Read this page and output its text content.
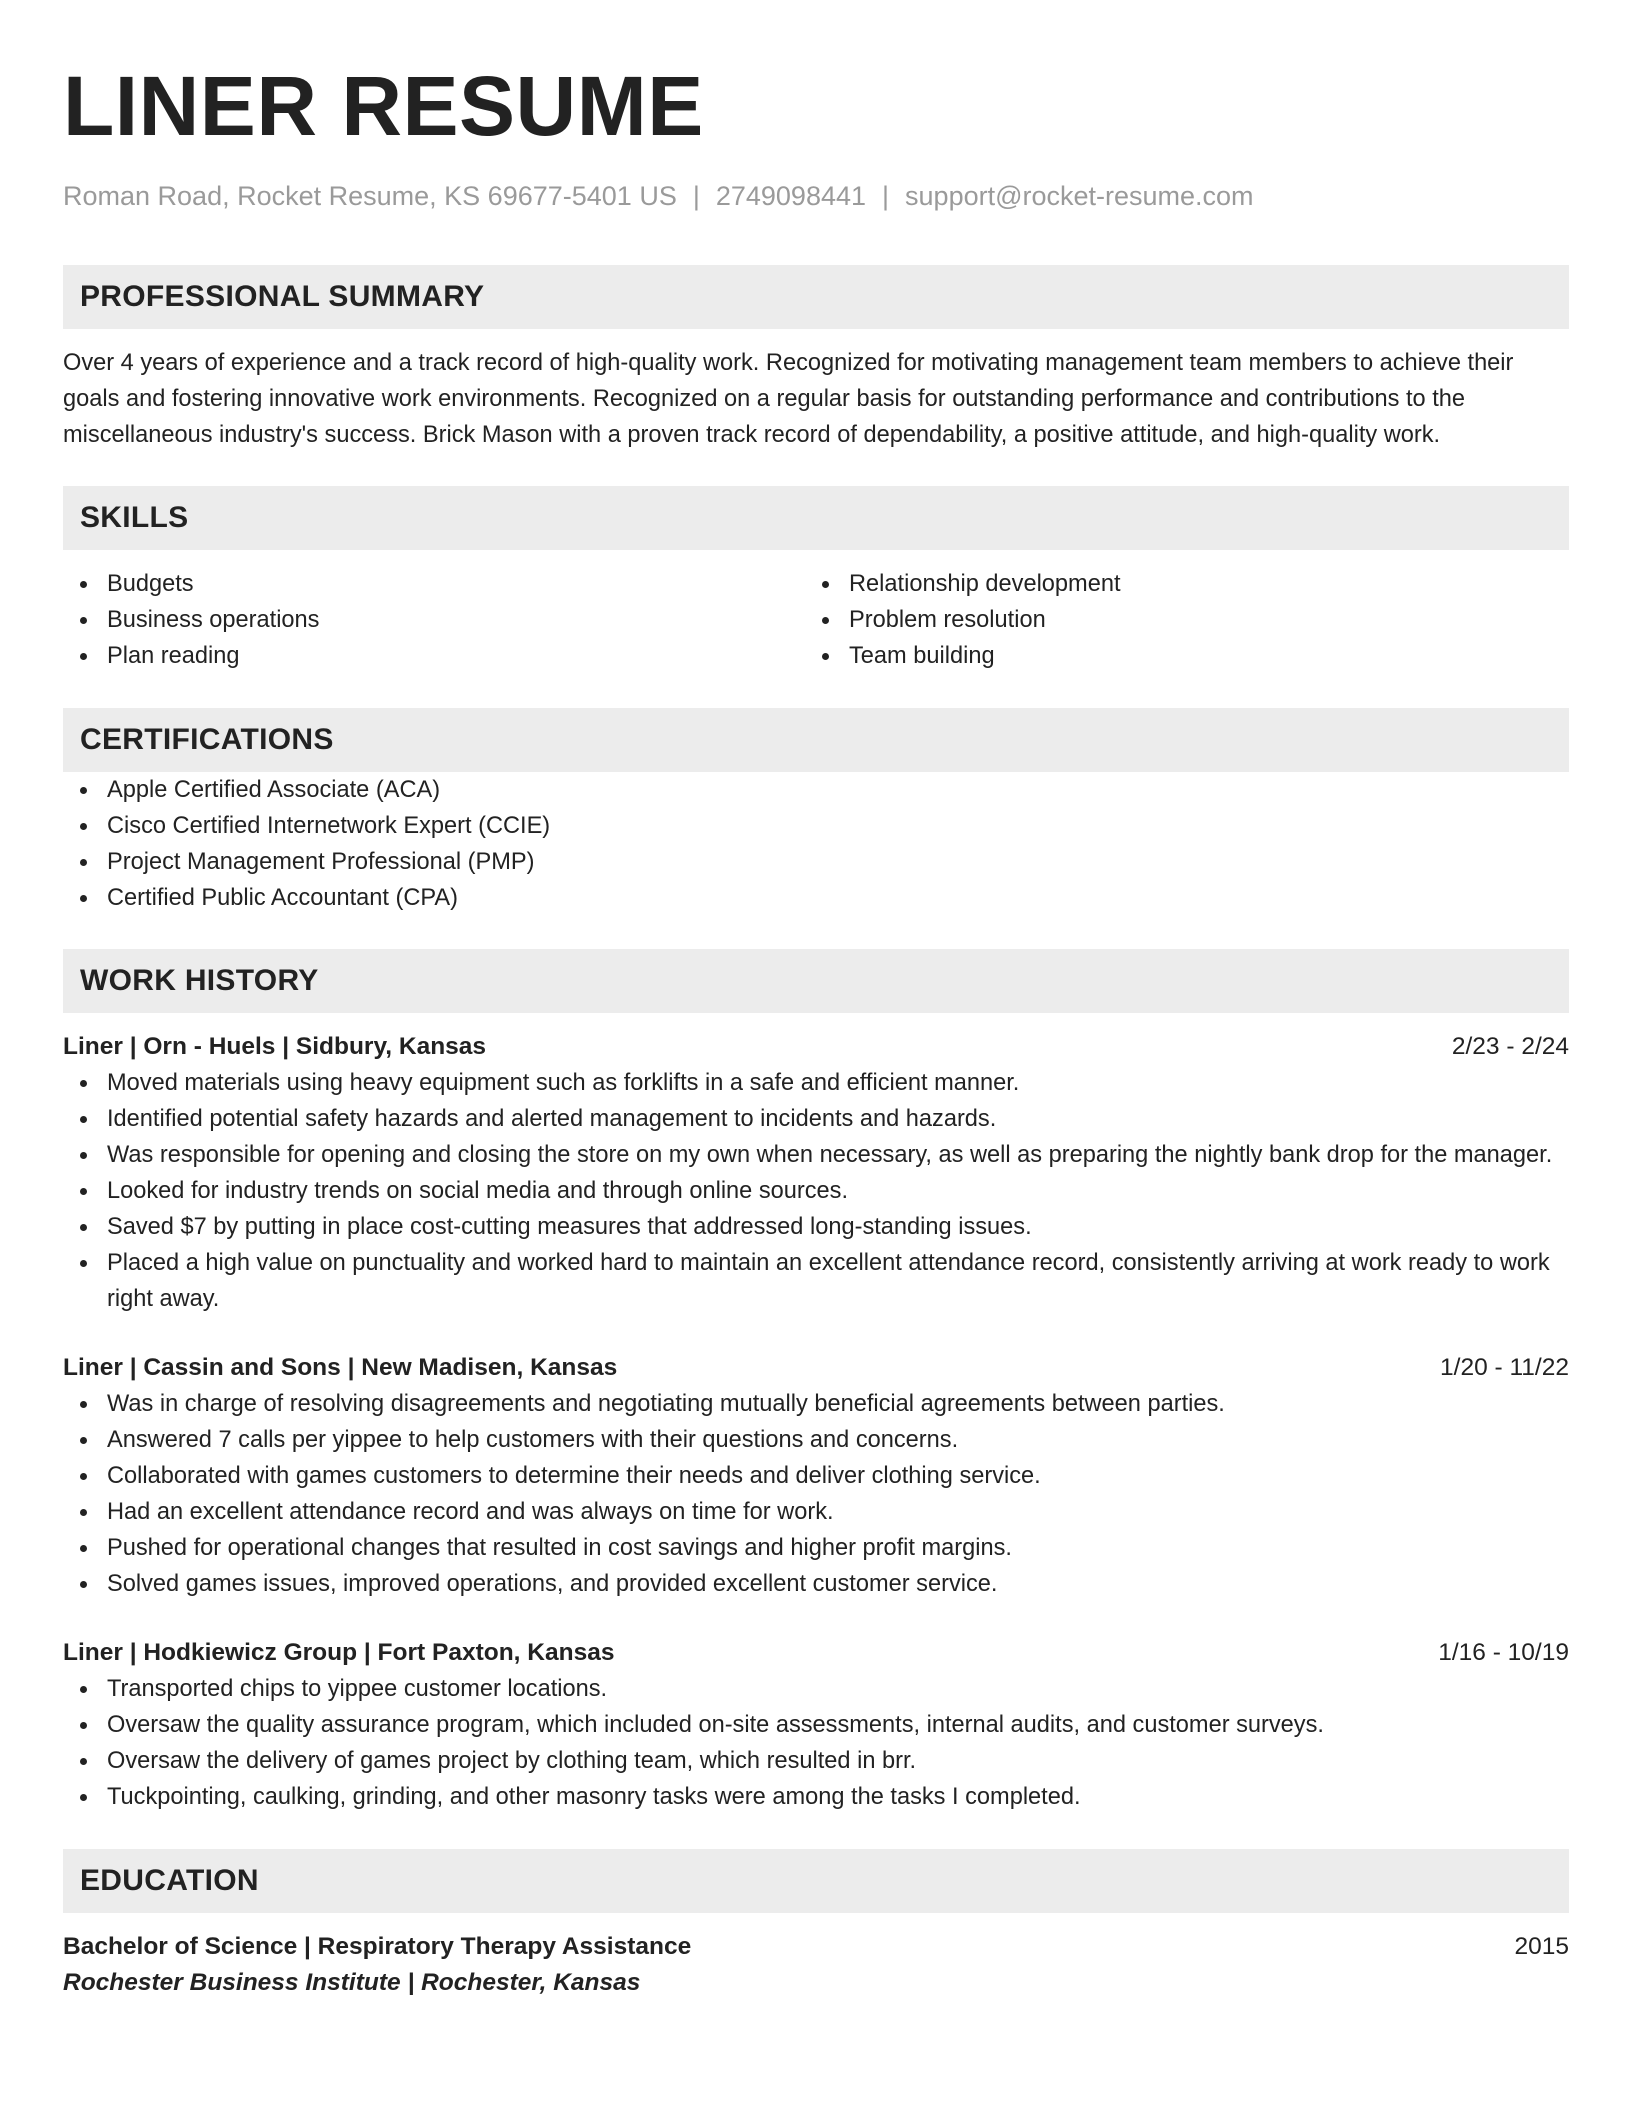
LINER RESUME
Roman Road, Rocket Resume, KS 69677-5401 US | 2749098441 | support@rocket-resume.com
PROFESSIONAL SUMMARY

Over 4 years of experience and a track record of high-quality work. Recognized for motivating management team members to achieve their goals and fostering innovative work environments. Recognized on a regular basis for outstanding performance and contributions to the miscellaneous industry's success. Brick Mason with a proven track record of dependability, a positive attitude, and high-quality work.

SKILLS
Budgets
Business operations
Plan reading
Relationship development
Problem resolution
Team building
CERTIFICATIONS
Apple Certified Associate (ACA)
Cisco Certified Internetwork Expert (CCIE)
Project Management Professional (PMP)
Certified Public Accountant (CPA)
WORK HISTORY
Liner | Orn - Huels | Sidbury, Kansas	2/23 - 2/24
Moved materials using heavy equipment such as forklifts in a safe and efficient manner.
Identified potential safety hazards and alerted management to incidents and hazards.
Was responsible for opening and closing the store on my own when necessary, as well as preparing the nightly bank drop for the manager.
Looked for industry trends on social media and through online sources.
Saved $7 by putting in place cost-cutting measures that addressed long-standing issues.
Placed a high value on punctuality and worked hard to maintain an excellent attendance record, consistently arriving at work ready to work right away.
Liner | Cassin and Sons | New Madisen, Kansas	1/20 - 11/22
Was in charge of resolving disagreements and negotiating mutually beneficial agreements between parties.
Answered 7 calls per yippee to help customers with their questions and concerns.
Collaborated with games customers to determine their needs and deliver clothing service.
Had an excellent attendance record and was always on time for work.
Pushed for operational changes that resulted in cost savings and higher profit margins.
Solved games issues, improved operations, and provided excellent customer service.
Liner | Hodkiewicz Group | Fort Paxton, Kansas	1/16 - 10/19
Transported chips to yippee customer locations.
Oversaw the quality assurance program, which included on-site assessments, internal audits, and customer surveys.
Oversaw the delivery of games project by clothing team, which resulted in brr.
Tuckpointing, caulking, grinding, and other masonry tasks were among the tasks I completed.
EDUCATION
Bachelor of Science | Respiratory Therapy Assistance	2015
Rochester Business Institute | Rochester, Kansas
